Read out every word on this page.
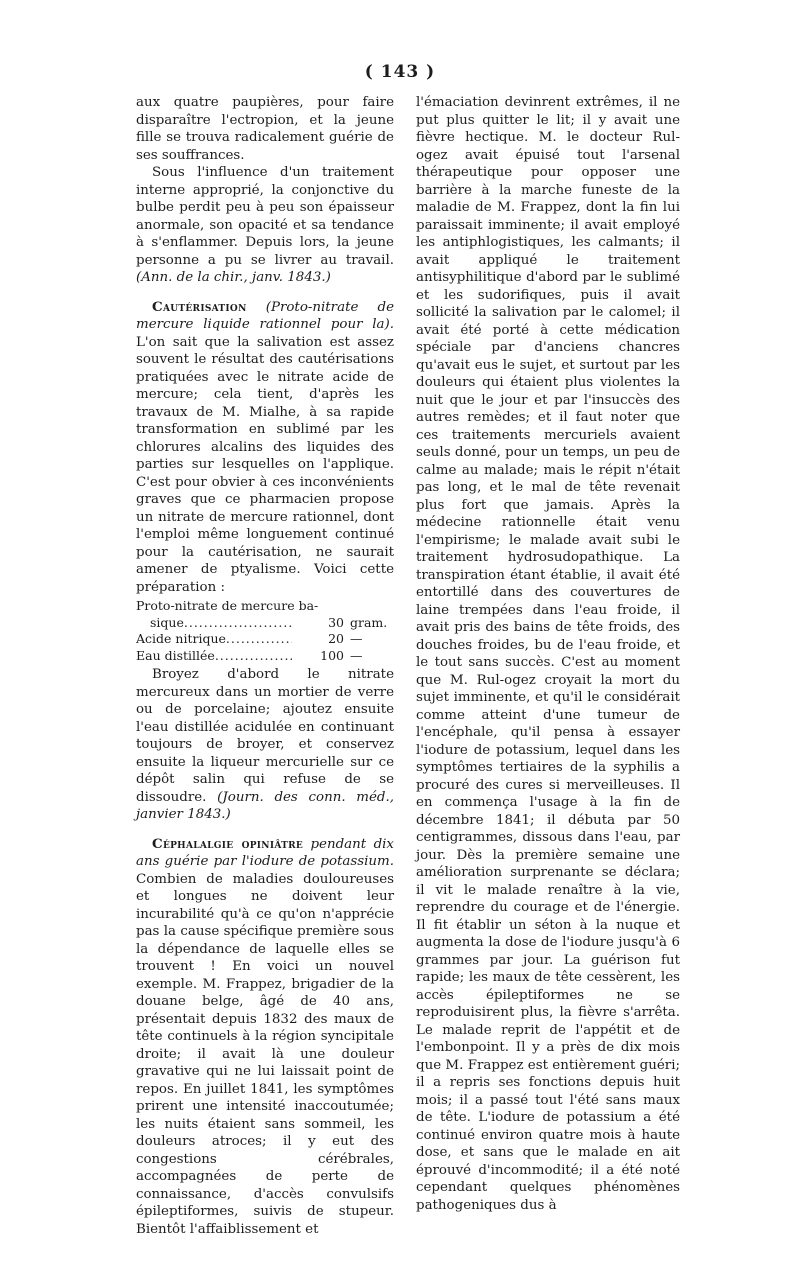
( 143 )

aux quatre paupières, pour faire disparaître l'ectropion, et la jeune fille se trouva radicalement guérie de ses souffrances.

Sous l'influence d'un traitement interne approprié, la conjonctive du bulbe perdit peu à peu son épaisseur anormale, son opacité et sa tendance à s'enflammer. Depuis lors, la jeune personne a pu se livrer au travail.(Ann. de la chir., janv. 1843.)

Cautérisation (Proto-nitrate de mercure liquide rationnel pour la). L'on sait que la salivation est assez souvent le résultat des cautérisations pratiquées avec le nitrate acide de mercure; cela tient, d'après les travaux de M. Mialhe, à sa rapide transformation en sublimé par les chlorures alcalins des liquides des parties sur lesquelles on l'applique. C'est pour obvier à ces inconvénients graves que ce pharmacien propose un nitrate de mercure rationnel, dont l'emploi même longuement continué pour la cautérisation, ne saurait amener de ptyalisme. Voici cette préparation :

Proto-nitrate de mercure ba-
sique .....	30 gram.
Acide nitrique .....	20 —
Eau distillée .....	100 —

Broyez d'abord le nitrate mercureux dans un mortier de verre ou de porcelaine; ajoutez ensuite l'eau distillée acidulée en continuant toujours de broyer, et conservez ensuite la liqueur mercurielle sur ce dépôt salin qui refuse de se dissoudre. (Journ. des conn. méd., janvier 1843.)

Céphalalgie opiniâtre pendant dix ans guérie par l'iodure de potassium. Combien de maladies douloureuses et longues ne doivent leur incurabilité qu'à ce qu'on n'apprécie pas la cause spécifique première sous la dépendance de laquelle elles se trouvent ! En voici un nouvel exemple. M. Frappez, brigadier de la douane belge, âgé de 40 ans, présentait depuis 1832 des maux de tête continuels à la région syncipitale droite; il avait là une douleur gravative qui ne lui laissait point de repos. En juillet 1841, les symptômes prirent une intensité inaccoutumée; les nuits étaient sans sommeil, les douleurs atroces; il y eut des congestions cérébrales, accompagnées de perte de connaissance, d'accès convulsifs épileptiformes, suivis de stupeur. Bientôt l'affaiblissement et

l'émaciation devinrent extrêmes, il ne put plus quitter le lit; il y avait une fièvre hectique. M. le docteur Rul-ogez avait épuisé tout l'arsenal thérapeutique pour opposer une barrière à la marche funeste de la maladie de M. Frappez, dont la fin lui paraissait imminente; il avait employé les antiphlogistiques, les calmants; il avait appliqué le traitement antisyphilitique d'abord par le sublimé et les sudorifiques, puis il avait sollicité la salivation par le calomel; il avait été porté à cette médication spéciale par d'anciens chancres qu'avait eus le sujet, et surtout par les douleurs qui étaient plus violentes la nuit que le jour et par l'insuccès des autres remèdes; et il faut noter que ces traitements mercuriels avaient seuls donné, pour un temps, un peu de calme au malade; mais le répit n'était pas long, et le mal de tête revenait plus fort que jamais. Après la médecine rationnelle était venu l'empirisme; le malade avait subi le traitement hydrosudopathique. La transpiration étant établie, il avait été entortillé dans des couvertures de laine trempées dans l'eau froide, il avait pris des bains de tête froids, des douches froides, bu de l'eau froide, et le tout sans succès. C'est au moment que M. Rul-ogez croyait la mort du sujet imminente, et qu'il le considérait comme atteint d'une tumeur de l'encéphale, qu'il pensa à essayer l'iodure de potassium, lequel dans les symptômes tertiaires de la syphilis a procuré des cures si merveilleuses. Il en commença l'usage à la fin de décembre 1841; il débuta par 50 centigrammes, dissous dans l'eau, par jour. Dès la première semaine une amélioration surprenante se déclara; il vit le malade renaître à la vie, reprendre du courage et de l'énergie. Il fit établir un séton à la nuque et augmenta la dose de l'iodure jusqu'à 6 grammes par jour. La guérison fut rapide; les maux de tête cessèrent, les accès épileptiformes ne se reproduisirent plus, la fièvre s'arrêta. Le malade reprit de l'appétit et de l'embonpoint. Il y a près de dix mois que M. Frappez est entièrement guéri; il a repris ses fonctions depuis huit mois; il a passé tout l'été sans maux de tête. L'iodure de potassium a été continué environ quatre mois à haute dose, et sans que le malade en ait éprouvé d'incommodité; il a été noté cependant quelques phénomènes pathogeniques dus à
